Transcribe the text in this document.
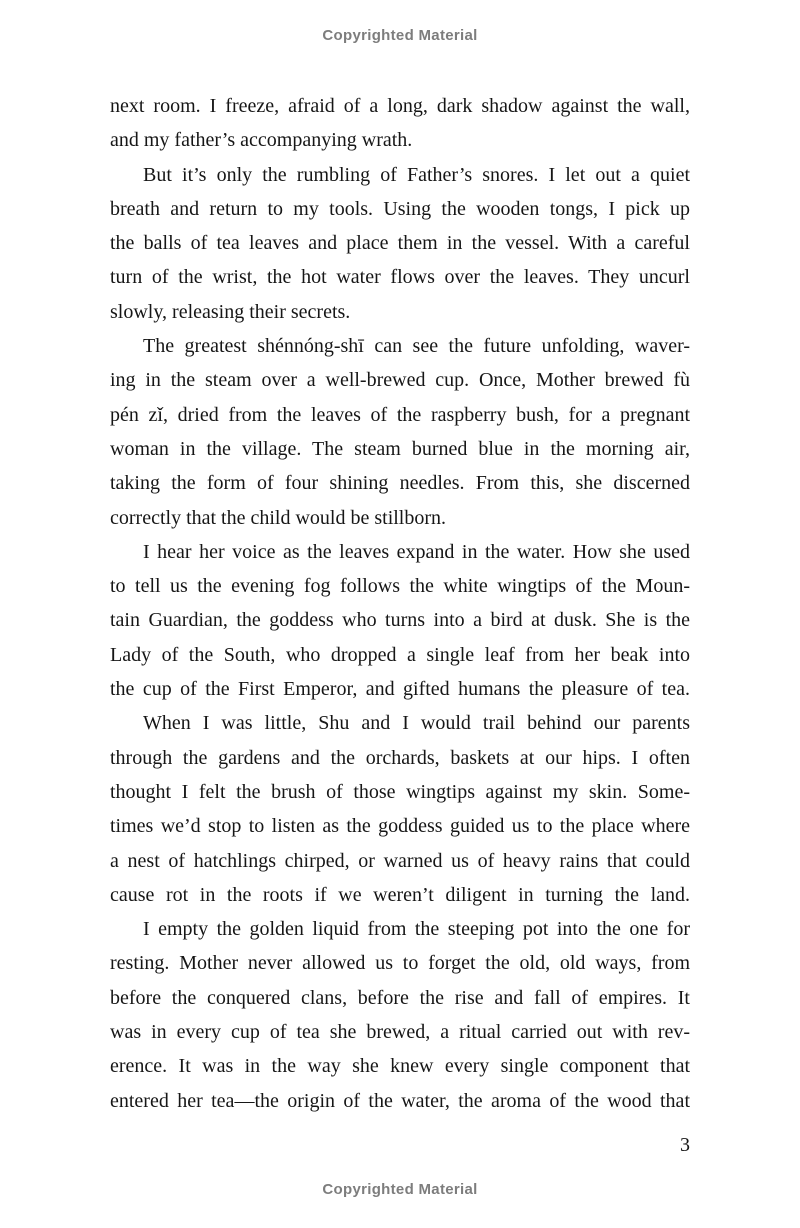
Copyrighted Material
next room. I freeze, afraid of a long, dark shadow against the wall,
and my father’s accompanying wrath.
But it’s only the rumbling of Father’s snores. I let out a quiet
breath and return to my tools. Using the wooden tongs, I pick up
the balls of tea leaves and place them in the vessel. With a careful
turn of the wrist, the hot water flows over the leaves. They uncurl
slowly, releasing their secrets.
The greatest shénnóng-shī can see the future unfolding, waver-
ing in the steam over a well-brewed cup. Once, Mother brewed fù
pén zǐ, dried from the leaves of the raspberry bush, for a pregnant
woman in the village. The steam burned blue in the morning air,
taking the form of four shining needles. From this, she discerned
correctly that the child would be stillborn.
I hear her voice as the leaves expand in the water. How she used
to tell us the evening fog follows the white wingtips of the Moun-
tain Guardian, the goddess who turns into a bird at dusk. She is the
Lady of the South, who dropped a single leaf from her beak into
the cup of the First Emperor, and gifted humans the pleasure of tea.
When I was little, Shu and I would trail behind our parents
through the gardens and the orchards, baskets at our hips. I often
thought I felt the brush of those wingtips against my skin. Some-
times we’d stop to listen as the goddess guided us to the place where
a nest of hatchlings chirped, or warned us of heavy rains that could
cause rot in the roots if we weren’t diligent in turning the land.
I empty the golden liquid from the steeping pot into the one for
resting. Mother never allowed us to forget the old, old ways, from
before the conquered clans, before the rise and fall of empires. It
was in every cup of tea she brewed, a ritual carried out with rev-
erence. It was in the way she knew every single component that
entered her tea—the origin of the water, the aroma of the wood that
3
Copyrighted Material
